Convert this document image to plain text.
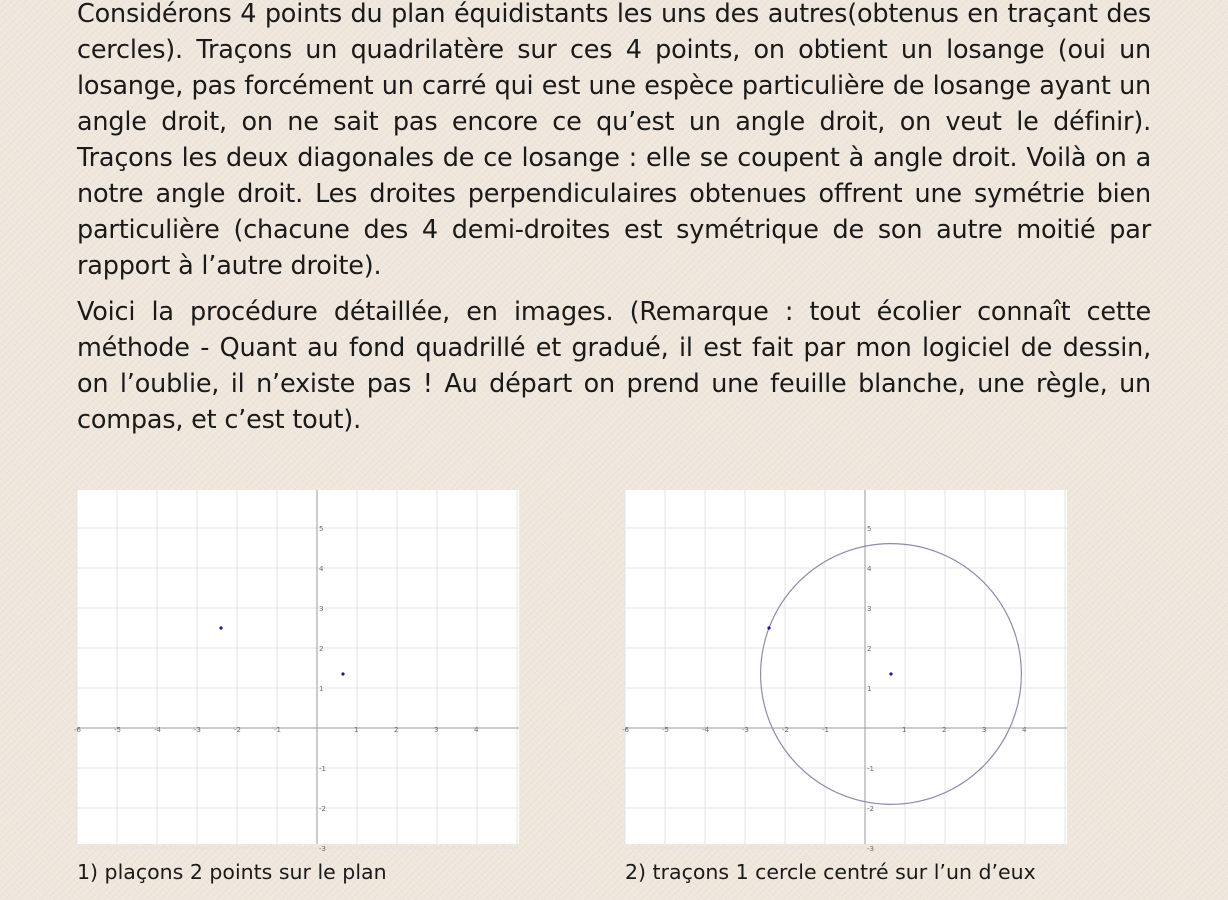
Considérons 4 points du plan équidistants les uns des autres(obtenus en traçant des cercles). Traçons un quadrilatère sur ces 4 points, on obtient un losange (oui un losange, pas forcément un carré qui est une espèce particulière de losange ayant un angle droit, on ne sait pas encore ce qu’est un angle droit, on veut le définir). Traçons les deux diagonales de ce losange : elle se coupent à angle droit. Voilà on a notre angle droit. Les droites perpendiculaires obtenues offrent une symétrie bien particulière (chacune des 4 demi-droites est symétrique de son autre moitié par rapport à l’autre droite).
Voici la procédure détaillée, en images. (Remarque : tout écolier connaît cette méthode - Quant au fond quadrillé et gradué, il est fait par mon logiciel de dessin, on l’oublie, il n’existe pas ! Au départ on prend une feuille blanche, une règle, un compas, et c’est tout).
-6	-5	-4	-3	-2	-1	1	2	3	4
5
4
3
2
1
-1
-2
-3
1) plaçons 2 points sur le plan
-6	-5	-4	-3	-2	-1	1	2	3	4
5
4
3
2
1
-1
-2
-3
2) traçons 1 cercle centré sur l’un d’eux
